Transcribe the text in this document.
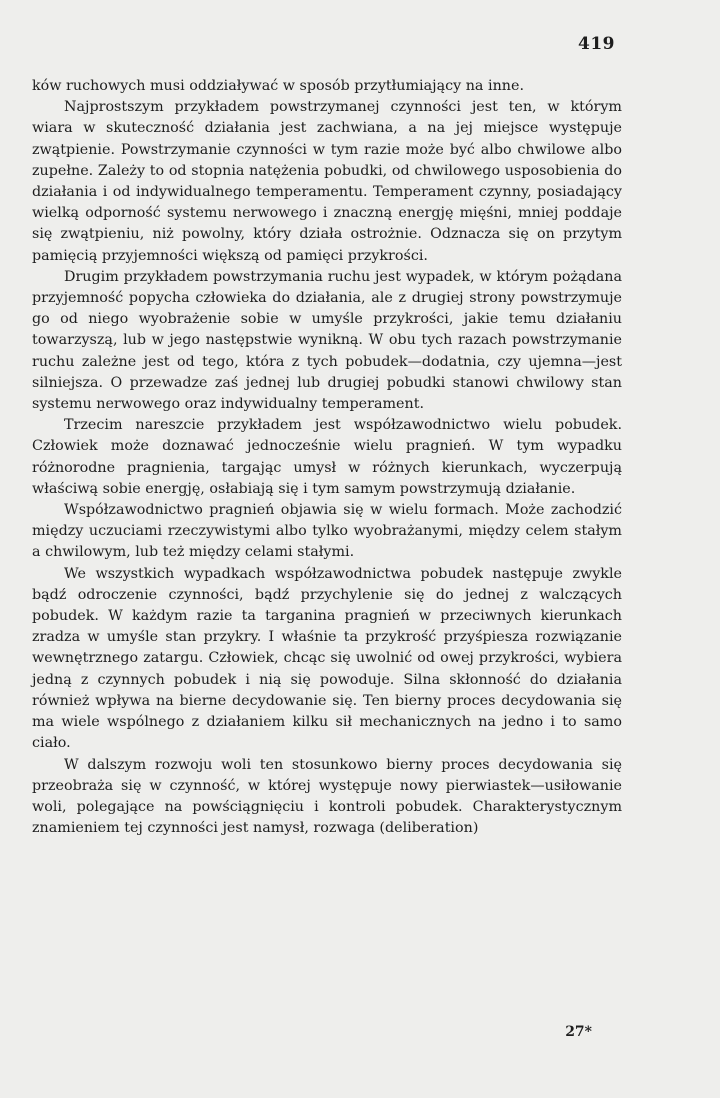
419

ków ruchowych musi oddziaływać w sposób przytłumiający na inne.

Najprostszym przykładem powstrzymanej czynności jest ten, w którym wiara w skuteczność działania jest zachwiana, a na jej miejsce występuje zwątpienie. Powstrzymanie czynności w tym razie może być albo chwilowe albo zupełne. Zależy to od stopnia natężenia pobudki, od chwilowego usposobienia do działania i od indywidualnego temperamentu. Temperament czynny, posiadający wielką odporność systemu nerwowego i znaczną energję mięśni, mniej poddaje się zwątpieniu, niż powolny, który działa ostrożnie. Odznacza się on przytym pamięcią przyjemności większą od pamięci przykrości.

Drugim przykładem powstrzymania ruchu jest wypadek, w którym pożądana przyjemność popycha człowieka do działania, ale z drugiej strony powstrzymuje go od niego wyobrażenie sobie w umyśle przykrości, jakie temu działaniu towarzyszą, lub w jego następstwie wynikną. W obu tych razach powstrzymanie ruchu zależne jest od tego, która z tych pobudek—dodatnia, czy ujemna—jest silniejsza. O przewadze zaś jednej lub drugiej pobudki stanowi chwilowy stan systemu nerwowego oraz indywidualny temperament.

Trzecim nareszcie przykładem jest współzawodnictwo wielu pobudek. Człowiek może doznawać jednocześnie wielu pragnień. W tym wypadku różnorodne pragnienia, targając umysł w różnych kierunkach, wyczerpują właściwą sobie energję, osłabiają się i tym samym powstrzymują działanie.

Współzawodnictwo pragnień objawia się w wielu formach. Może zachodzić między uczuciami rzeczywistymi albo tylko wyobrażanymi, między celem stałym a chwilowym, lub też między celami stałymi.

We wszystkich wypadkach współzawodnictwa pobudek następuje zwykle bądź odroczenie czynności, bądź przychylenie się do jednej z walczących pobudek. W każdym razie ta targanina pragnień w przeciwnych kierunkach zradza w umyśle stan przykry. I właśnie ta przykrość przyśpiesza rozwiązanie wewnętrznego zatargu. Człowiek, chcąc się uwolnić od owej przykrości, wybiera jedną z czynnych pobudek i nią się powoduje. Silna skłonność do działania również wpływa na bierne decydowanie się. Ten bierny proces decydowania się ma wiele wspólnego z działaniem kilku sił mechanicznych na jedno i to samo ciało.

W dalszym rozwoju woli ten stosunkowo bierny proces decydowania się przeobraża się w czynność, w której występuje nowy pierwiastek—usiłowanie woli, polegające na powściągnięciu i kontroli pobudek. Charakterystycznym znamieniem tej czynności jest namysł, rozwaga (deliberation)

27*
